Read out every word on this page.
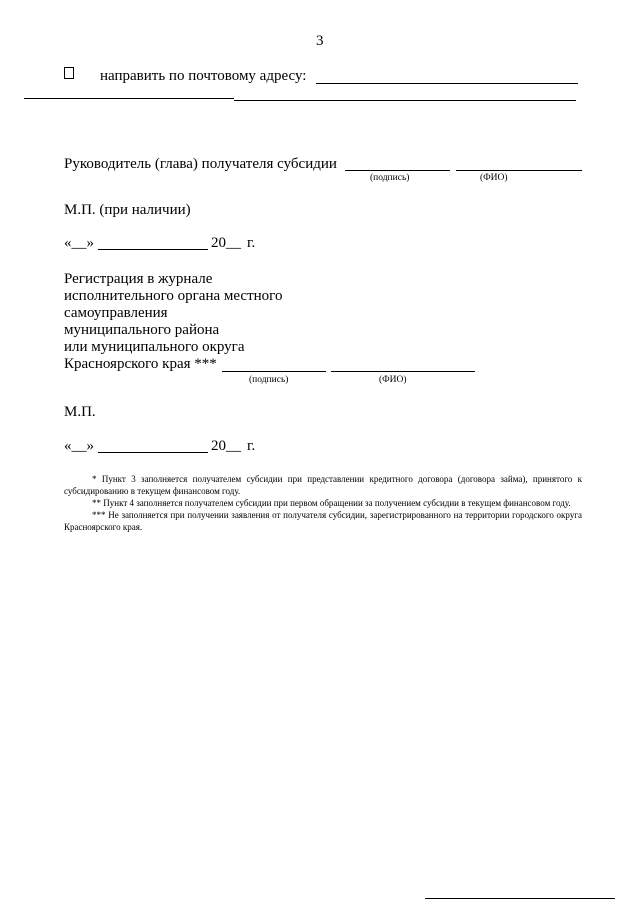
3
направить по почтовому адресу:
Руководитель (глава) получателя субсидии
(подпись)	(ФИО)
М.П. (при наличии)
«__»	20__ г.
Регистрация в журнале
исполнительного органа местного
самоуправления
муниципального района
или муниципального округа
Красноярского края ***
(подпись)	(ФИО)
М.П.
«__»	20__ г.
* Пункт 3 заполняется получателем субсидии при представлении кредитного договора (договора займа), принятого к субсидированию в текущем финансовом году.
** Пункт 4 заполняется получателем субсидии при первом обращении за получением субсидии в текущем финансовом году.
*** Не заполняется при получении заявления от получателя субсидии, зарегистрированного на территории городского округа Красноярского края.
